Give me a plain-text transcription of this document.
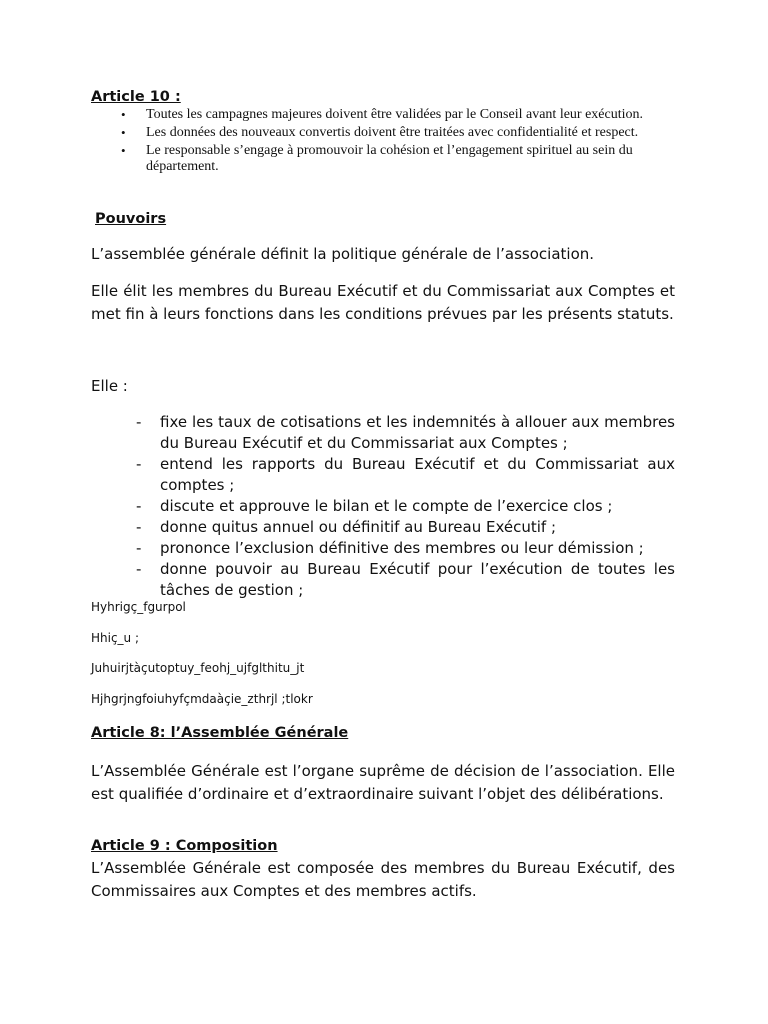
Article 10 :
• Toutes les campagnes majeures doivent être validées par le Conseil avant leur exécution.
• Les données des nouveaux convertis doivent être traitées avec confidentialité et respect.
• Le responsable s’engage à promouvoir la cohésion et l’engagement spirituel au sein du département.
Pouvoirs
L’assemblée générale définit la politique générale de l’association.

Elle élit les membres du Bureau Exécutif et du Commissariat aux Comptes et met fin à leurs fonctions dans les conditions prévues par les présents statuts.

Elle :
- fixe les taux de cotisations et les indemnités à allouer aux membres du Bureau Exécutif et du Commissariat aux Comptes ;
- entend les rapports du Bureau Exécutif et du Commissariat aux comptes ;
- discute et approuve le bilan et le compte de l’exercice clos ;
- donne quitus annuel ou définitif au Bureau Exécutif ;
- prononce l’exclusion définitive des membres ou leur démission ;
- donne pouvoir au Bureau Exécutif pour l’exécution de toutes les tâches de gestion ;
Hyhrigç_fgurpol
Hhiç_u ;
Juhuirjtàçutoptuy_feohj_ujfglthitu_jt
Hjhgrjngfoiuhyfçmdaàçie_zthrjl ;tlokr
Article 8: l’Assemblée Générale

L’Assemblée Générale est l’organe suprême de décision de l’association. Elle est qualifiée d’ordinaire et d’extraordinaire suivant l’objet des délibérations.

Article 9 : Composition

L’Assemblée Générale est composée des membres du Bureau Exécutif, des Commissaires aux Comptes et des membres actifs.
